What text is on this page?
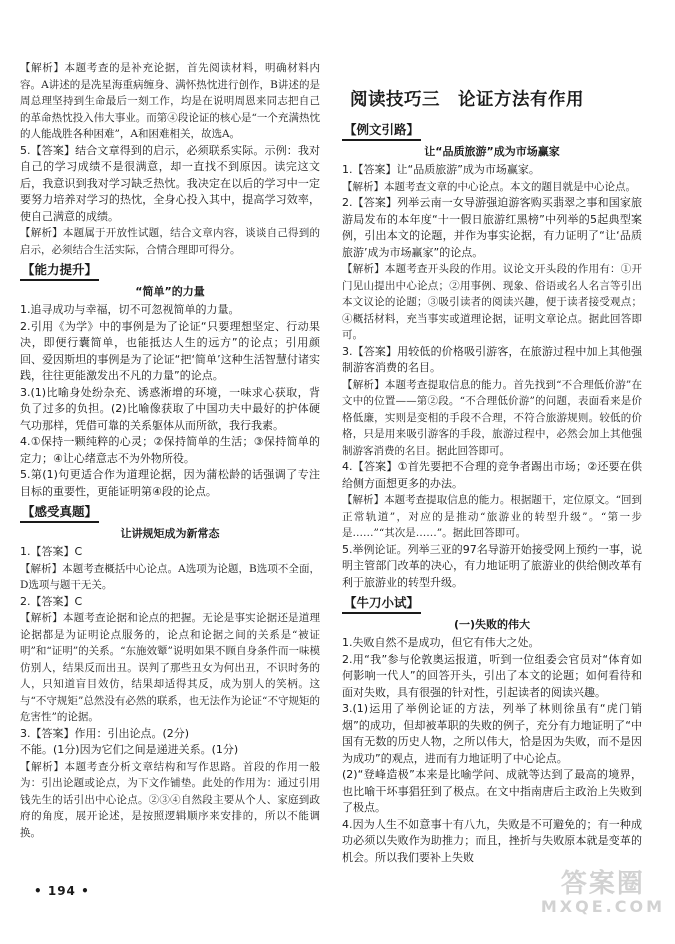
【解析】本题考查的是补充论据，首先阅读材料，明确材料内容。A讲述的是冼星海重病缠身、满怀热忱进行创作，B讲述的是周总理坚持到生命最后一刻工作，均是在说明周恩来同志把自己的革命热忱投入伟大事业。而第④段论证的核心是“一个充满热忱的人能战胜各种困难”，A和困难相关，故选A。
5.【答案】结合文章得到的启示，必须联系实际。示例：我对自己的学习成绩不是很满意，却一直找不到原因。读完这文后，我意识到我对学习缺乏热忱。我决定在以后的学习中一定要努力培养对学习的热忱，全身心投入其中，提高学习效率，使自己满意的成绩。
【解析】本题属于开放性试题，结合文章内容，谈谈自己得到的启示，必须结合生活实际，合情合理即可得分。
【能力提升】
“简单”的力量
1.追寻成功与幸福，切不可忽视简单的力量。
2.引用《为学》中的事例是为了论证“只要理想坚定、行动果决，即便行囊简单，也能抵达人生的远方”的论点；引用颜回、爱因斯坦的事例是为了论证“把‘简单’这种生活智慧付诸实践，往往更能激发出不凡的力量”的论点。
3.(1)比喻身处纷杂充、诱惑淅增的环境，一味求心获取，背负了过多的负担。(2)比喻像获取了中国功夫中最好的护体硬气功那样，凭借可靠的关系躯体从而所欲，我行我素。
4.①保持一颗纯粹的心灵；②保持简单的生活；③保持简单的定力；④让心绪意志不为外物所役。
5.第(1)句更适合作为道理论据，因为蒲松龄的话强调了专注目标的重要性，更能证明第④段的论点。
【感受真题】
让讲规矩成为新常态
1.【答案】C
【解析】本题考查概括中心论点。A选项为论题，B选项不全面，D选项与题干无关。
2.【答案】C
【解析】本题考查论据和论点的把握。无论是事实论据还是道理论据都是为证明论点服务的，论点和论据之间的关系是“被证明”和“证明”的关系。“东施效颦”说明如果不顾自身条件而一味模仿别人，结果反而出丑。误判了那些丑女为何出丑，不识时务的人，只知道盲目效仿，结果却适得其反，成为别人的笑柄。这与“不守规矩”总然没有必然的联系，也无法作为论证“不守规矩的危害性”的论据。
3.【答案】作用：引出论点。(2分)
不能。(1分)因为它们之间是递进关系。(1分)
【解析】本题考查分析文章结构和写作思路。首段的作用一般为：引出论题或论点，为下文作铺垫。此处的作用为：通过引用钱先生的话引出中心论点。②③④自然段主要从个人、家庭到政府的角度，展开论述，是按照逻辑顺序来安排的，所以不能调换。
阅读技巧三　论证方法有作用
【例文引路】
让“品质旅游”成为市场赢家
1.【答案】让“品质旅游”成为市场赢家。
【解析】本题考查文章的中心论点。本文的题目就是中心论点。
2.【答案】列举云南一女导游强迫游客购买翡翠之事和国家旅游局发布的本年度“十一假日旅游红黑榜”中列举的5起典型案例，引出本文的论题，并作为事实论据，有力证明了“让‘品质旅游’成为市场赢家”的论点。
【解析】本题考查开头段的作用。议论文开头段的作用有：①开门见山提出中心论点；②用事例、现象、俗语或名人名言等引出本文议论的论题；③吸引读者的阅读兴趣，便于读者接受观点；④概括材料，充当事实或道理论据，证明文章论点。据此回答即可。
3.【答案】用较低的价格吸引游客，在旅游过程中加上其他强制游客消费的名目。
【解析】本题考查提取信息的能力。首先找到“不合理低价游”在文中的位置——第②段。“不合理低价游”的问题，表面看来是价格低廉，实则是变相的手段不合理，不符合旅游规则。较低的价格，只是用来吸引游客的手段，旅游过程中，必然会加上其他强制游客消费的名目。据此回答即可。
4.【答案】①首先要把不合理的竞争者踢出市场；②还要在供给侧方面想更多的办法。
【解析】本题考查提取信息的能力。根据题干，定位原文。“回到正常轨道”，对应的是推动“旅游业的转型升级”。“第一步是……”“其次是……”。据此回答即可。
5.举例论证。列举三亚的97名导游开始接受网上预约一事，说明主管部门改革的决心，有力地证明了旅游业的供给侧改革有利于旅游业的转型升级。
【牛刀小试】
(一)失败的伟大
1.失败自然不是成功，但它有伟大之处。
2.用“我”参与伦敦奥运报道，听到一位组委会官员对“体育如何影响一代人”的回答开头，引出了本文的论题；如何看待和面对失败，具有很强的针对性，引起读者的阅读兴趣。
3.(1)运用了举例论证的方法，列举了林则徐虽有“虎门销烟”的成功，但却被革职的失败的例子，充分有力地证明了“中国有无数的历史人物，之所以伟大，恰是因为失败，而不是因为成功”的观点，进而有力地证明了中心论点。
(2)“登峰造极”本来是比喻学问、成就等达到了最高的境界，也比喻干坏事猖狂到了极点。在文中指南唐后主政治上失败到了极点。
4.因为人生不如意事十有八九，失败是不可避免的；有一种成功必须以失败作为助推力；而且，挫折与失败原本就是变革的机会。所以我们要补上失败
• 194 •	答案圈
MXQE.COM
